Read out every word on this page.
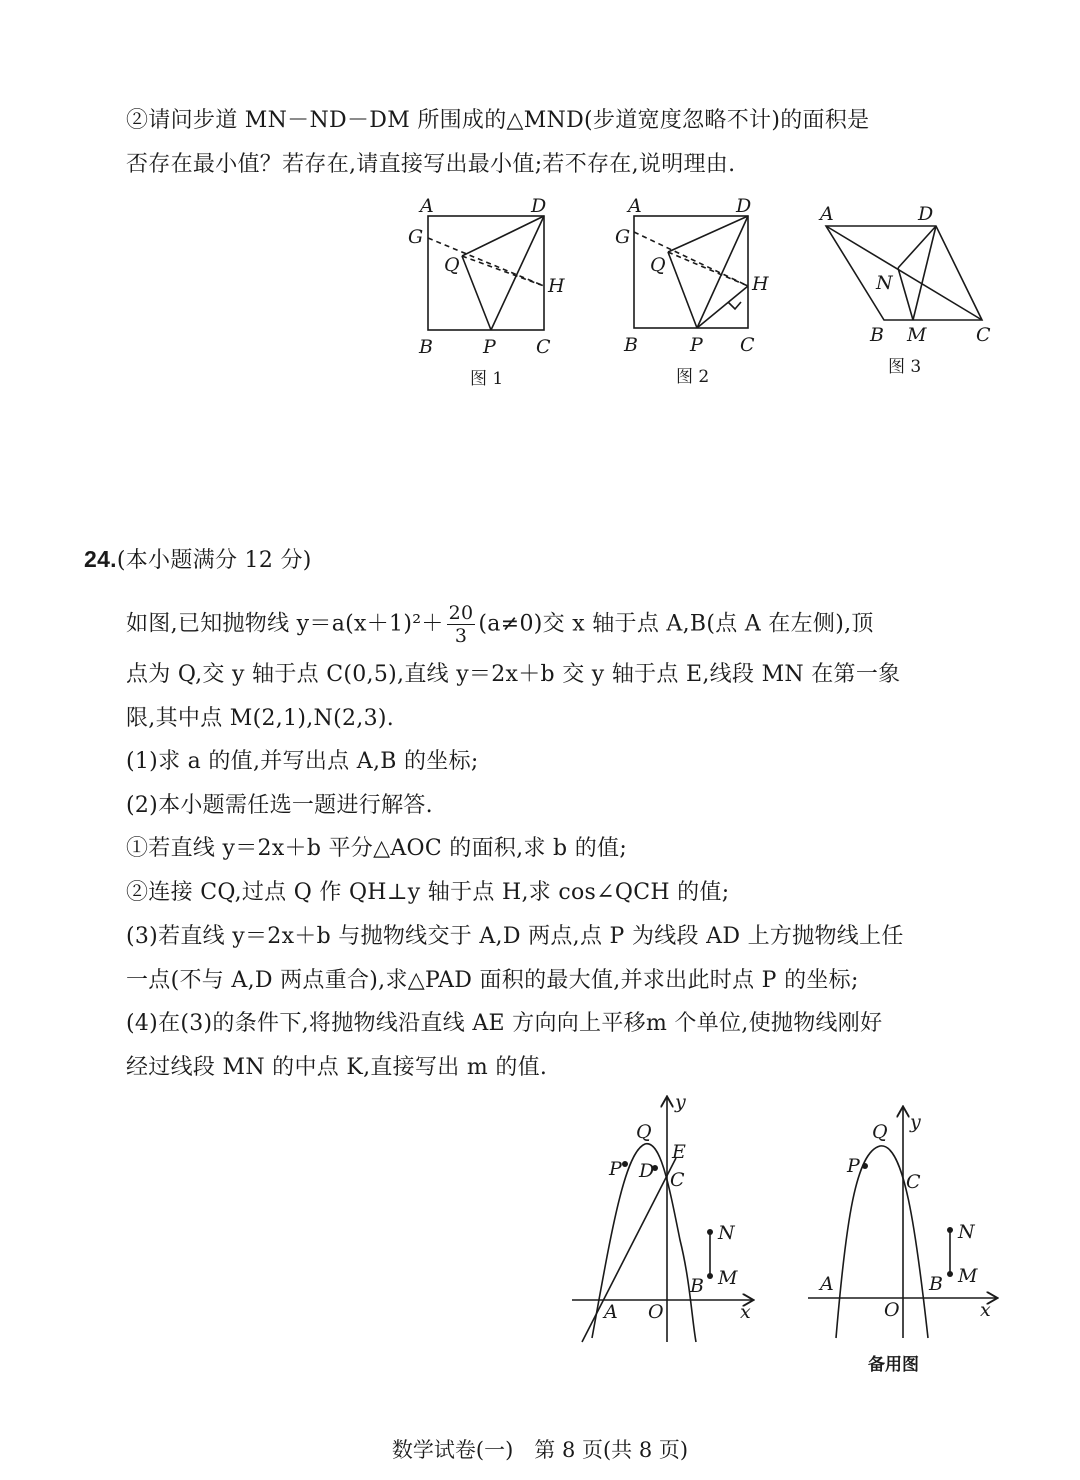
②请问步道 MN－ND－DM 所围成的△MND(步道宽度忽略不计)的面积是
否存在最小值？若存在,请直接写出最小值;若不存在,说明理由.
A	D
G
Q
H
B	P C
图 1
A	D
G
Q
H
B	P C
图 2
A	D
N
B M	C
图 3
24.(本小题满分 12 分)
如图,已知抛物线 $y=a(x+1)^2+ \frac{20}{3} (a\ne 0)$交 x 轴于点 A,B(点 A 在左侧),顶
点为 Q,交 y 轴于点 C(0,5),直线 y＝2x＋b 交 y 轴于点 E,线段 MN 在第一象
限,其中点 M(2,1),N(2,3).
(1)求 a 的值,并写出点 A,B 的坐标;
(2)本小题需任选一题进行解答.
①若直线 y＝2x＋b 平分△AOC 的面积,求 b 的值;
②连接 CQ,过点 Q 作 QH⊥y 轴于点 H,求 cos∠QCH 的值;
(3)若直线 y＝2x＋b 与抛物线交于 A,D 两点,点 P 为线段 AD 上方抛物线上任
一点(不与 A,D 两点重合),求△PAD 面积的最大值,并求出此时点 P 的坐标;
(4)在(3)的条件下,将抛物线沿直线 AE 方向向上平移m 个单位,使抛物线刚好
经过线段 MN 的中点 K,直接写出 m 的值.
y
Q
E
P D C
N
M
B
A O	x
Q y
P
C
N
M
A	B
O	x
备用图
数学试卷(一)　第 8 页(共 8 页)
